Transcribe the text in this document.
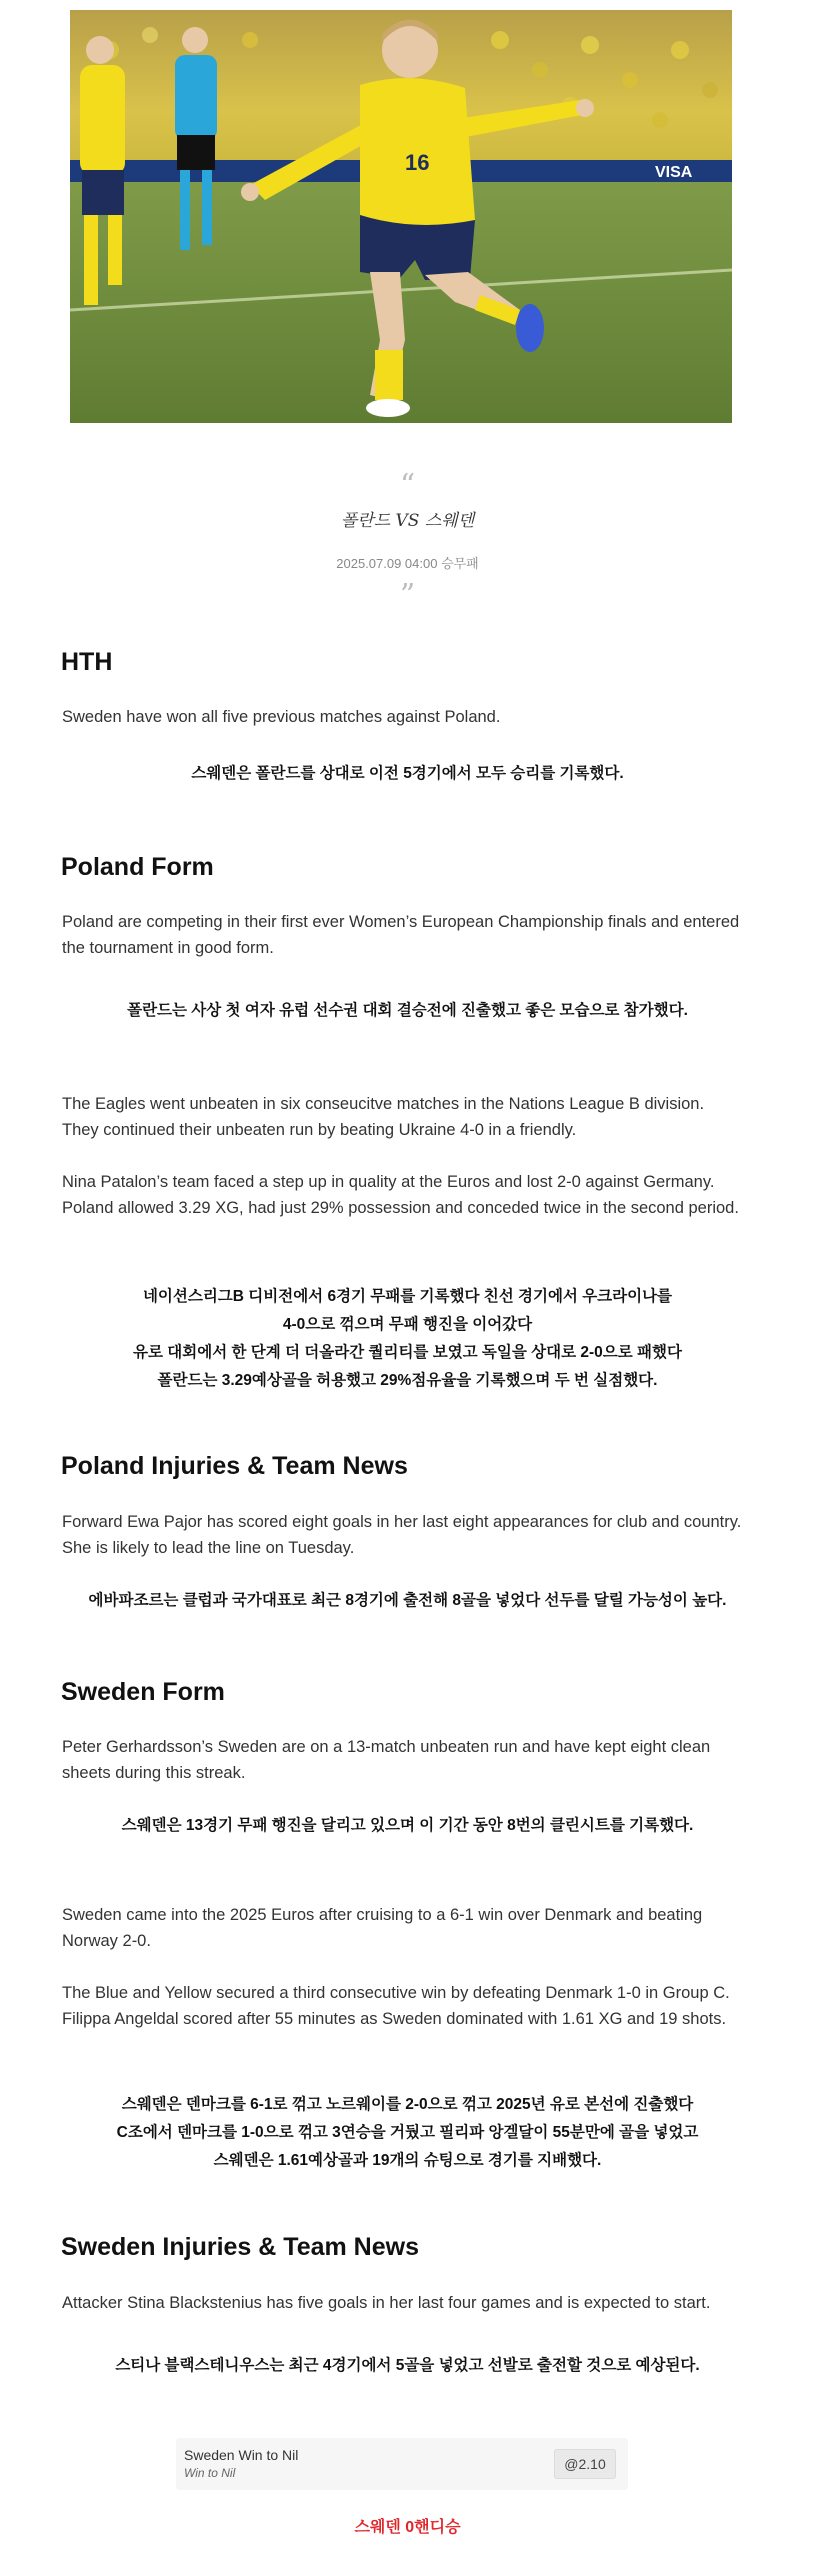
VISA
16
“
폴란드 VS 스웨덴
2025.07.09 04:00 승무패
”
HTH

Sweden have won all five previous matches against Poland.

스웨덴은 폴란드를 상대로 이전 5경기에서 모두 승리를 기록했다.

Poland Form

Poland are competing in their first ever Women’s European Championship finals and entered the tournament in good form.

폴란드는 사상 첫 여자 유럽 선수권 대회 결승전에 진출했고 좋은 모습으로 참가했다.

The Eagles went unbeaten in six conseucitve matches in the Nations League B division. They continued their unbeaten run by beating Ukraine 4-0 in a friendly.

Nina Patalon’s team faced a step up in quality at the Euros and lost 2-0 against Germany. Poland allowed 3.29 XG, had just 29% possession and conceded twice in the second period.

네이션스리그B 디비전에서 6경기 무패를 기록했다 친선 경기에서 우크라이나를
4-0으로 꺾으며 무패 행진을 이어갔다
유로 대회에서 한 단계 더 더올라간 퀄리티를 보였고 독일을 상대로 2-0으로 패했다
폴란드는 3.29예상골을 허용했고 29%점유율을 기록했으며 두 번 실점했다.

Poland Injuries & Team News

Forward Ewa Pajor has scored eight goals in her last eight appearances for club and country. She is likely to lead the line on Tuesday.

에바파조르는 클럽과 국가대표로 최근 8경기에 출전해 8골을 넣었다 선두를 달릴 가능성이 높다.

Sweden Form

Peter Gerhardsson’s Sweden are on a 13-match unbeaten run and have kept eight clean sheets during this streak.

스웨덴은 13경기 무패 행진을 달리고 있으며 이 기간 동안 8번의 클린시트를 기록했다.

Sweden came into the 2025 Euros after cruising to a 6-1 win over Denmark and beating Norway 2-0.

The Blue and Yellow secured a third consecutive win by defeating Denmark 1-0 in Group C. Filippa Angeldal scored after 55 minutes as Sweden dominated with 1.61 XG and 19 shots.

스웨덴은 덴마크를 6-1로 꺾고 노르웨이를 2-0으로 꺾고 2025년 유로 본선에 진출했다
C조에서 덴마크를 1-0으로 꺾고 3연승을 거뒀고 필리파 앙겔달이 55분만에 골을 넣었고
스웨덴은 1.61예상골과 19개의 슈팅으로 경기를 지배했다.

Sweden Injuries & Team News

Attacker Stina Blackstenius has five goals in her last four games and is expected to start.

스티나 블랙스테니우스는 최근 4경기에서 5골을 넣었고 선발로 출전할 것으로 예상된다.

Sweden Win to Nil
Win to Nil
@2.10
스웨덴 0핸디승
